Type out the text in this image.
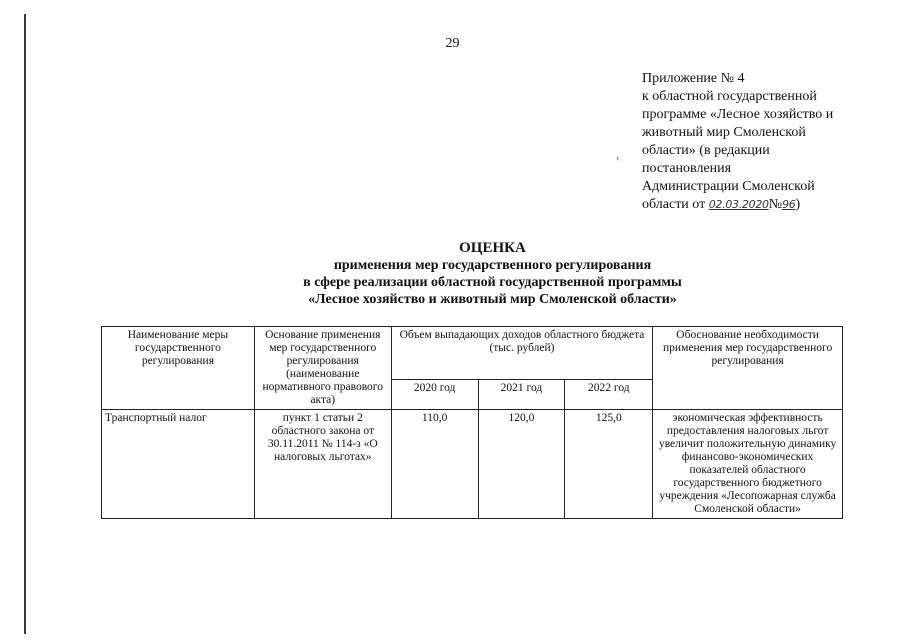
29
Приложение № 4
к областной государственной
программе «Лесное хозяйство и
животный мир Смоленской
области» (в редакции
постановления
Администрации Смоленской
области от 02.03.2020№96)
‹
ОЦЕНКА
применения мер государственного регулирования
в сфере реализации областной государственной программы
«Лесное хозяйство и животный мир Смоленской области»
Наименование меры государственного регулирования	Основание применения мер государственного регулирования (наименование нормативного правового акта)	Объем выпадающих доходов областного бюджета (тыс. рублей)			Обоснование необходимости применения мер государственного регулирования
		2020 год	2021 год	2022 год	
Транспортный налог	пункт 1 статьи 2 областного закона от 30.11.2011 № 114-з «О налоговых льготах»	110,0	120,0	125,0	экономическая эффективность предоставления налоговых льгот увеличит положительную динамику финансово-экономических показателей областного государственного бюджетного учреждения «Лесопожарная служба Смоленской области»
